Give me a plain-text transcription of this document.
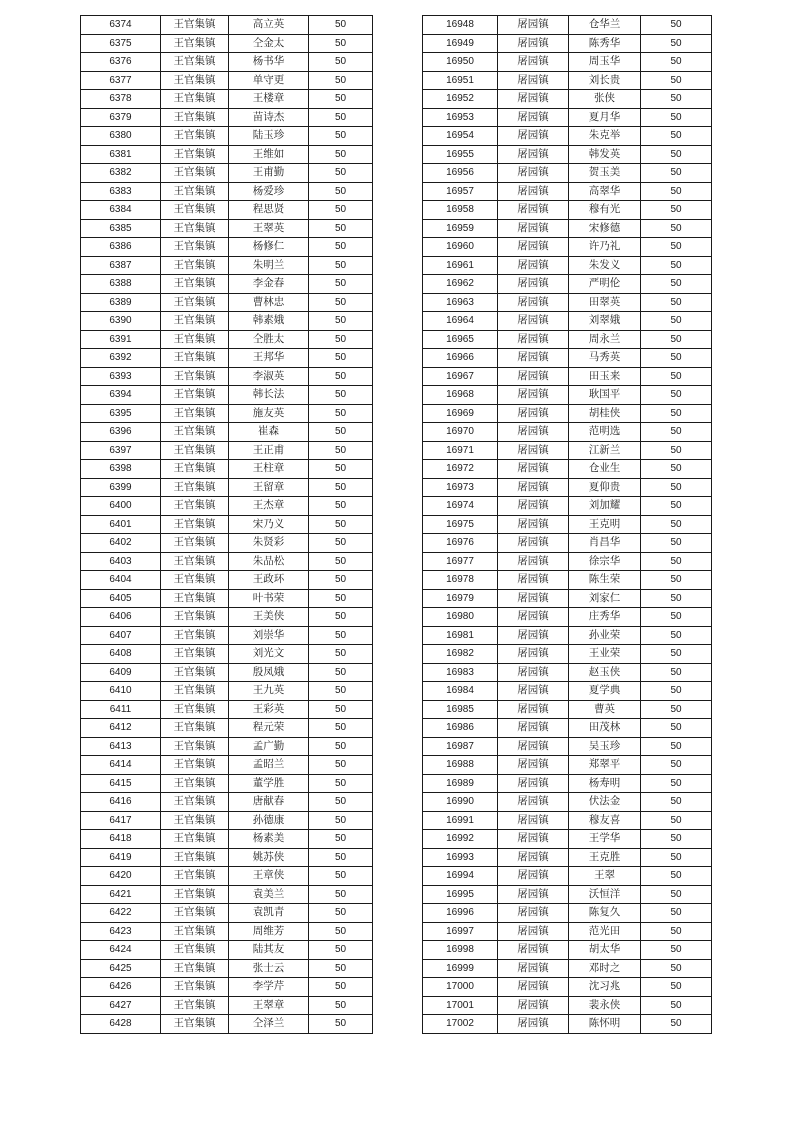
6374	王官集镇	高立英	50
6375	王官集镇	仝金太	50
6376	王官集镇	杨书华	50
6377	王官集镇	单守更	50
6378	王官集镇	王楼章	50
6379	王官集镇	苗诗杰	50
6380	王官集镇	陆玉珍	50
6381	王官集镇	王维如	50
6382	王官集镇	王甫勤	50
6383	王官集镇	杨爱珍	50
6384	王官集镇	程思贤	50
6385	王官集镇	王翠英	50
6386	王官集镇	杨修仁	50
6387	王官集镇	朱明兰	50
6388	王官集镇	李金春	50
6389	王官集镇	曹林忠	50
6390	王官集镇	韩素娥	50
6391	王官集镇	仝胜太	50
6392	王官集镇	王邦华	50
6393	王官集镇	李淑英	50
6394	王官集镇	韩长法	50
6395	王官集镇	施友英	50
6396	王官集镇	崔森	50
6397	王官集镇	王正甫	50
6398	王官集镇	王柱章	50
6399	王官集镇	王留章	50
6400	王官集镇	王杰章	50
6401	王官集镇	宋乃义	50
6402	王官集镇	朱贤彩	50
6403	王官集镇	朱品松	50
6404	王官集镇	王政环	50
6405	王官集镇	叶书荣	50
6406	王官集镇	王美侠	50
6407	王官集镇	刘崇华	50
6408	王官集镇	刘光文	50
6409	王官集镇	殷凤娥	50
6410	王官集镇	王九英	50
6411	王官集镇	王彩英	50
6412	王官集镇	程元荣	50
6413	王官集镇	孟广勤	50
6414	王官集镇	孟昭兰	50
6415	王官集镇	董学胜	50
6416	王官集镇	唐献春	50
6417	王官集镇	孙德康	50
6418	王官集镇	杨素美	50
6419	王官集镇	姚苏侠	50
6420	王官集镇	王章侠	50
6421	王官集镇	袁美兰	50
6422	王官集镇	袁凯青	50
6423	王官集镇	周维芳	50
6424	王官集镇	陆其友	50
6425	王官集镇	张士云	50
6426	王官集镇	李学芹	50
6427	王官集镇	王翠章	50
6428	王官集镇	仝泽兰	50
16948	屠园镇	仓华兰	50
16949	屠园镇	陈秀华	50
16950	屠园镇	周玉华	50
16951	屠园镇	刘长贵	50
16952	屠园镇	张侠	50
16953	屠园镇	夏月华	50
16954	屠园镇	朱克举	50
16955	屠园镇	韩发英	50
16956	屠园镇	贺玉美	50
16957	屠园镇	高翠华	50
16958	屠园镇	穆有光	50
16959	屠园镇	宋修德	50
16960	屠园镇	许乃礼	50
16961	屠园镇	朱发义	50
16962	屠园镇	严明伦	50
16963	屠园镇	田翠英	50
16964	屠园镇	刘翠娥	50
16965	屠园镇	周永兰	50
16966	屠园镇	马秀英	50
16967	屠园镇	田玉来	50
16968	屠园镇	耿国平	50
16969	屠园镇	胡桂侠	50
16970	屠园镇	范明选	50
16971	屠园镇	江新兰	50
16972	屠园镇	仓业生	50
16973	屠园镇	夏仰贵	50
16974	屠园镇	刘加耀	50
16975	屠园镇	王克明	50
16976	屠园镇	肖昌华	50
16977	屠园镇	徐宗华	50
16978	屠园镇	陈生荣	50
16979	屠园镇	刘家仁	50
16980	屠园镇	庄秀华	50
16981	屠园镇	孙业荣	50
16982	屠园镇	王业荣	50
16983	屠园镇	赵玉侠	50
16984	屠园镇	夏学典	50
16985	屠园镇	曹英	50
16986	屠园镇	田茂林	50
16987	屠园镇	吴玉珍	50
16988	屠园镇	郑翠平	50
16989	屠园镇	杨寿明	50
16990	屠园镇	伏法金	50
16991	屠园镇	穆友喜	50
16992	屠园镇	王学华	50
16993	屠园镇	王克胜	50
16994	屠园镇	王翠	50
16995	屠园镇	沃恒洋	50
16996	屠园镇	陈复久	50
16997	屠园镇	范光田	50
16998	屠园镇	胡太华	50
16999	屠园镇	邓时之	50
17000	屠园镇	沈习兆	50
17001	屠园镇	裴永侠	50
17002	屠园镇	陈怀明	50
